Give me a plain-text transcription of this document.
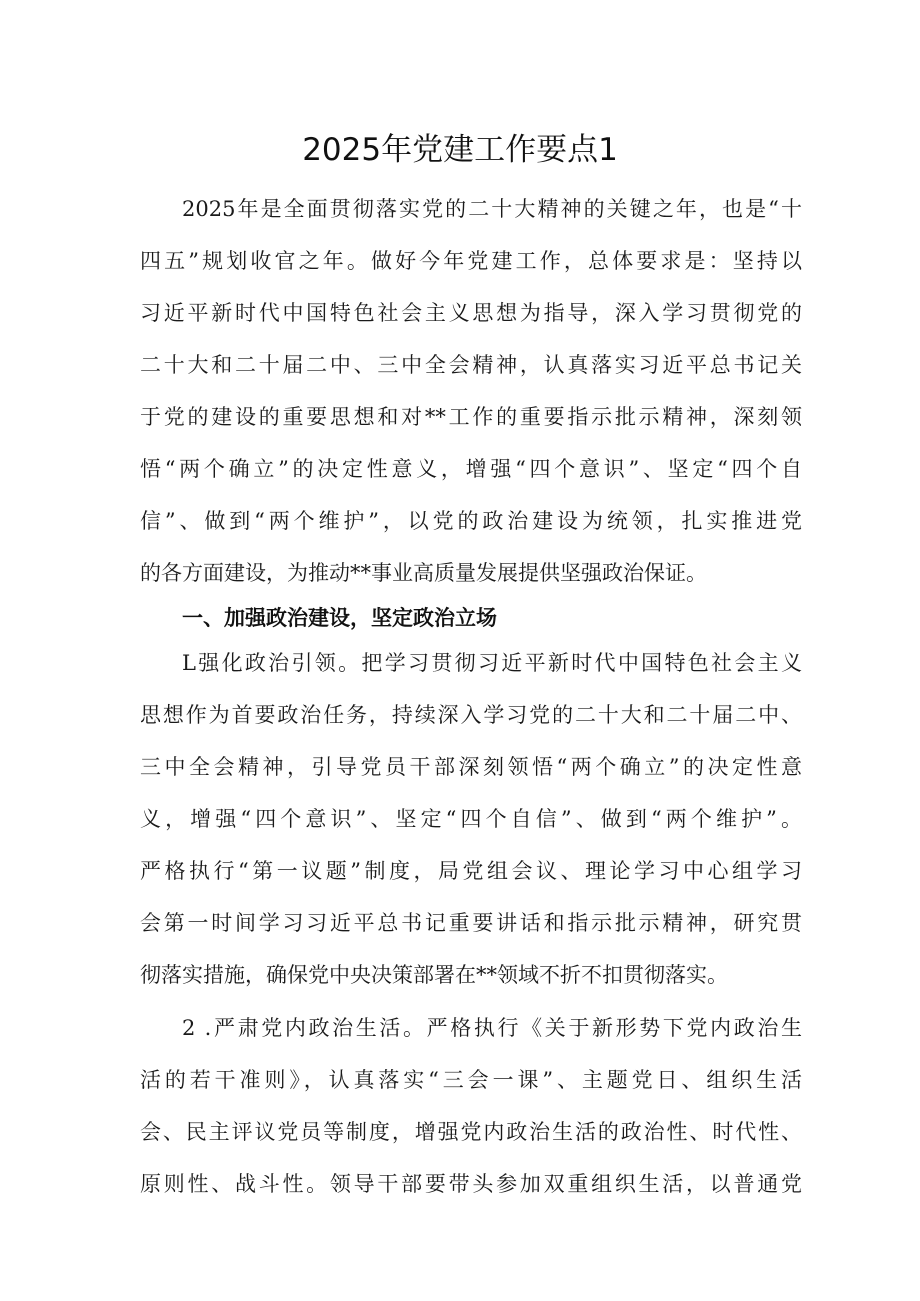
2025年党建工作要点1
2025年是全面贯彻落实党的二十大精神的关键之年，也是“十
四五”规划收官之年。做好今年党建工作，总体要求是：坚持以
习近平新时代中国特色社会主义思想为指导，深入学习贯彻党的
二十大和二十届二中、三中全会精神，认真落实习近平总书记关
于党的建设的重要思想和对**工作的重要指示批示精神，深刻领
悟“两个确立”的决定性意义，增强“四个意识”、坚定“四个自
信”、做到“两个维护”，以党的政治建设为统领，扎实推进党
的各方面建设，为推动**事业高质量发展提供坚强政治保证。
一、加强政治建设，坚定政治立场
L强化政治引领。把学习贯彻习近平新时代中国特色社会主义
思想作为首要政治任务，持续深入学习党的二十大和二十届二中、
三中全会精神，引导党员干部深刻领悟“两个确立”的决定性意
义，增强“四个意识”、坚定“四个自信”、做到“两个维护”。
严格执行“第一议题”制度，局党组会议、理论学习中心组学习
会第一时间学习习近平总书记重要讲话和指示批示精神，研究贯
彻落实措施，确保党中央决策部署在**领域不折不扣贯彻落实。
2 .严肃党内政治生活。严格执行《关于新形势下党内政治生
活的若干准则》，认真落实“三会一课”、主题党日、组织生活
会、民主评议党员等制度，增强党内政治生活的政治性、时代性、
原则性、战斗性。领导干部要带头参加双重组织生活，以普通党
